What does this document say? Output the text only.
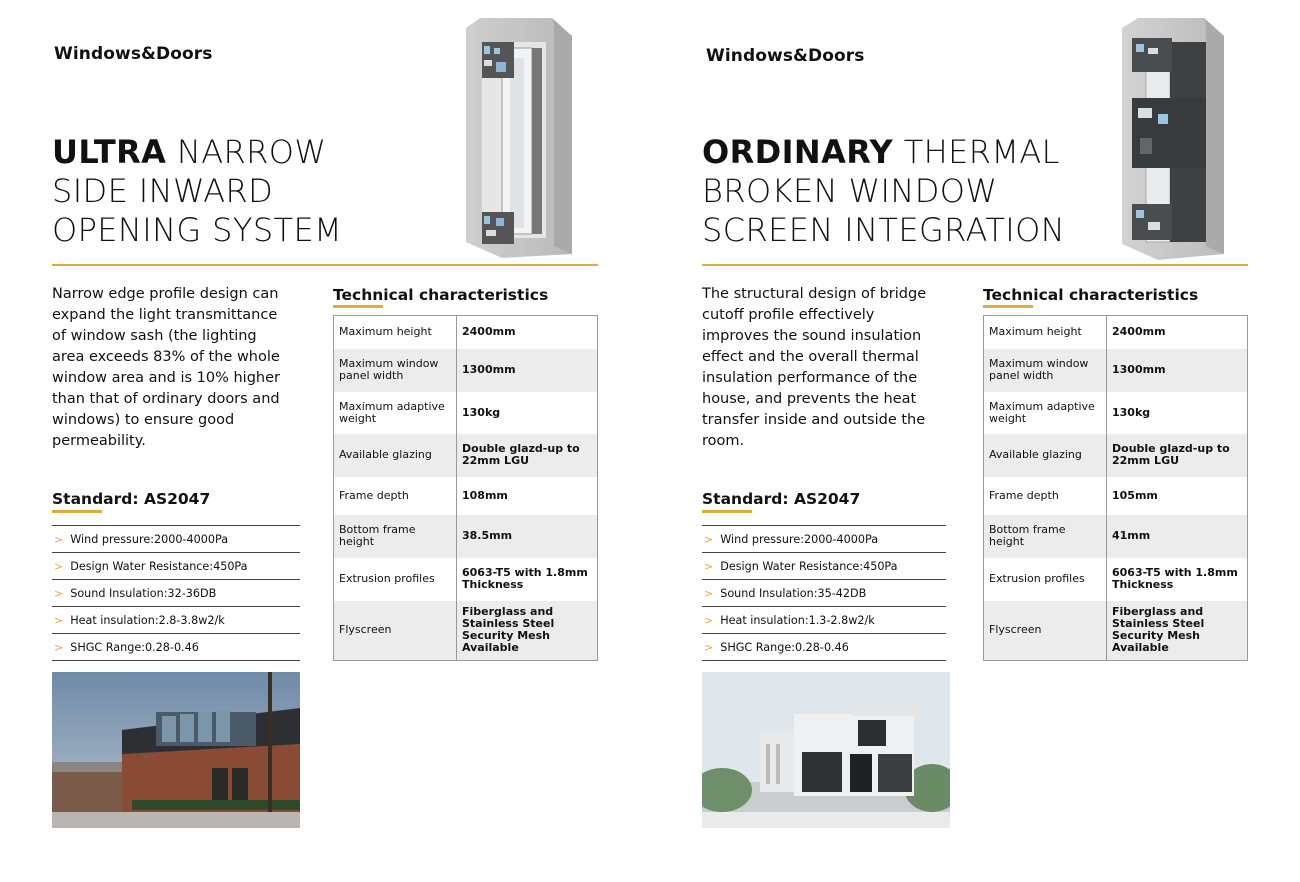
Windows&Doors
ULTRA NARROW SIDE INWARD OPENING SYSTEM

Narrow edge profile design can expand the light transmittance of window sash (the lighting area exceeds 83% of the whole window area and is 10% higher than that of ordinary doors and windows) to ensure good permeability.

Standard: AS2047
> Wind pressure:2000-4000Pa
> Design Water Resistance:450Pa
> Sound Insulation:32-36DB
> Heat insulation:2.8-3.8w2/k
> SHGC Range:0.28-0.46
Technical characteristics
Maximum height	2400mm
Maximum window panel width	1300mm
Maximum adaptive weight	130kg
Available glazing	Double glazd-up to 22mm LGU
Frame depth	108mm
Bottom frame height	38.5mm
Extrusion profiles	6063-T5 with 1.8mm Thickness
Flyscreen	Fiberglass and Stainless Steel Security Mesh Available
Windows&Doors
ORDINARY THERMAL BROKEN WINDOW SCREEN INTEGRATION

The structural design of bridge cutoff profile effectively improves the sound insulation effect and the overall thermal insulation performance of the house, and prevents the heat transfer inside and outside the room.

Standard: AS2047
> Wind pressure:2000-4000Pa
> Design Water Resistance:450Pa
> Sound Insulation:35-42DB
> Heat insulation:1.3-2.8w2/k
> SHGC Range:0.28-0.46
Technical characteristics
Maximum height	2400mm
Maximum window panel width	1300mm
Maximum adaptive weight	130kg
Available glazing	Double glazd-up to 22mm LGU
Frame depth	105mm
Bottom frame height	41mm
Extrusion profiles	6063-T5 with 1.8mm Thickness
Flyscreen	Fiberglass and Stainless Steel Security Mesh Available
